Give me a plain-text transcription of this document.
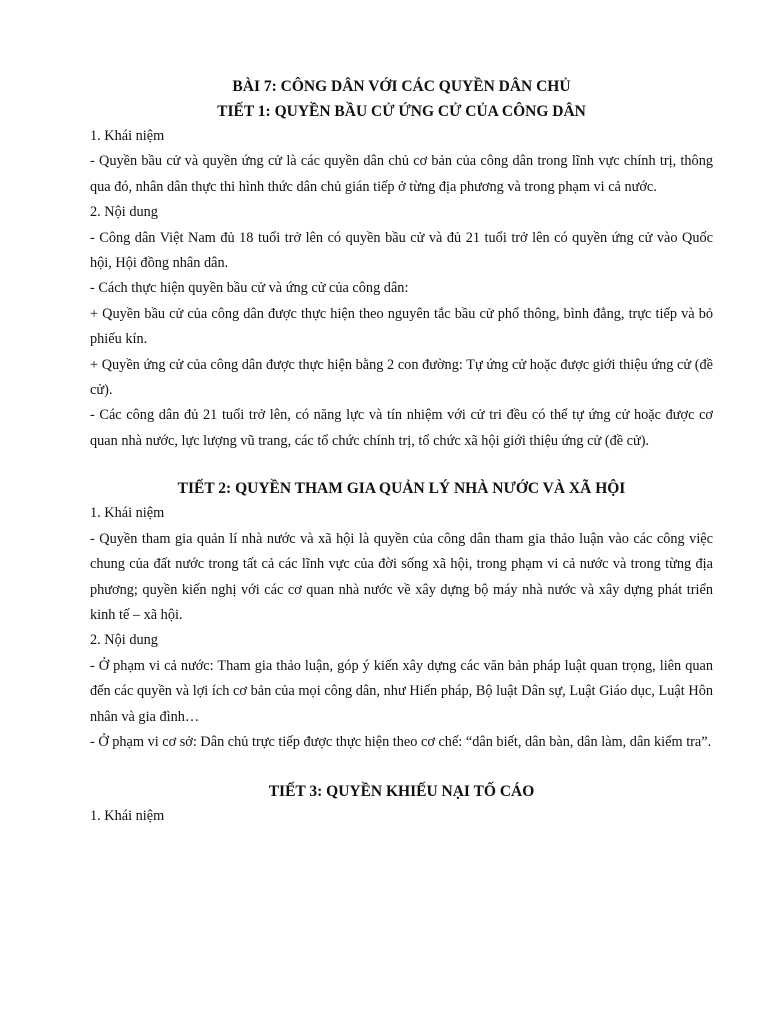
BÀI 7: CÔNG DÂN VỚI CÁC QUYỀN DÂN CHỦ
TIẾT 1: QUYỀN BẦU CỬ ỨNG CỬ CỦA CÔNG DÂN

1. Khái niệm

- Quyền bầu cử và quyền ứng cử là các quyền dân chủ cơ bản của công dân trong lĩnh vực chính trị, thông qua đó, nhân dân thực thi hình thức dân chủ gián tiếp ở từng địa phương và trong phạm vi cả nước.

2. Nội dung

- Công dân Việt Nam đủ 18 tuổi trở lên có quyền bầu cử và đủ 21 tuổi trở lên có quyền ứng cử vào Quốc hội, Hội đồng nhân dân.

- Cách thực hiện quyền bầu cử và ứng cử của công dân:

+ Quyền bầu cử của công dân được thực hiện theo nguyên tắc bầu cử phổ thông, bình đẳng, trực tiếp và bỏ phiếu kín.

+ Quyền ứng cử của công dân được thực hiện bằng 2 con đường: Tự ứng cử hoặc được giới thiệu ứng cử (đề cử).

- Các công dân đủ 21 tuổi trở lên, có năng lực và tín nhiệm với cử tri đều có thể tự ứng cử hoặc được cơ quan nhà nước, lực lượng vũ trang, các tổ chức chính trị, tổ chức xã hội giới thiệu ứng cử (đề cử).

TIẾT 2: QUYỀN THAM GIA QUẢN LÝ NHÀ NƯỚC VÀ XÃ HỘI

1. Khái niệm

- Quyền tham gia quản lí nhà nước và xã hội là quyền của công dân tham gia thảo luận vào các công việc chung của đất nước trong tất cả các lĩnh vực của đời sống xã hội, trong phạm vi cả nước và trong từng địa phương; quyền kiến nghị với các cơ quan nhà nước về xây dựng bộ máy nhà nước và xây dựng phát triển kinh tế – xã hội.

2. Nội dung

- Ở phạm vi cả nước: Tham gia thảo luận, góp ý kiến xây dựng các văn bản pháp luật quan trọng, liên quan đến các quyền và lợi ích cơ bản của mọi công dân, như Hiến pháp, Bộ luật Dân sự, Luật Giáo dục, Luật Hôn nhân và gia đình…

- Ở phạm vi cơ sở: Dân chủ trực tiếp được thực hiện theo cơ chế: “dân biết, dân bàn, dân làm, dân kiểm tra”.

TIẾT 3: QUYỀN KHIẾU NẠI TỐ CÁO

1. Khái niệm
